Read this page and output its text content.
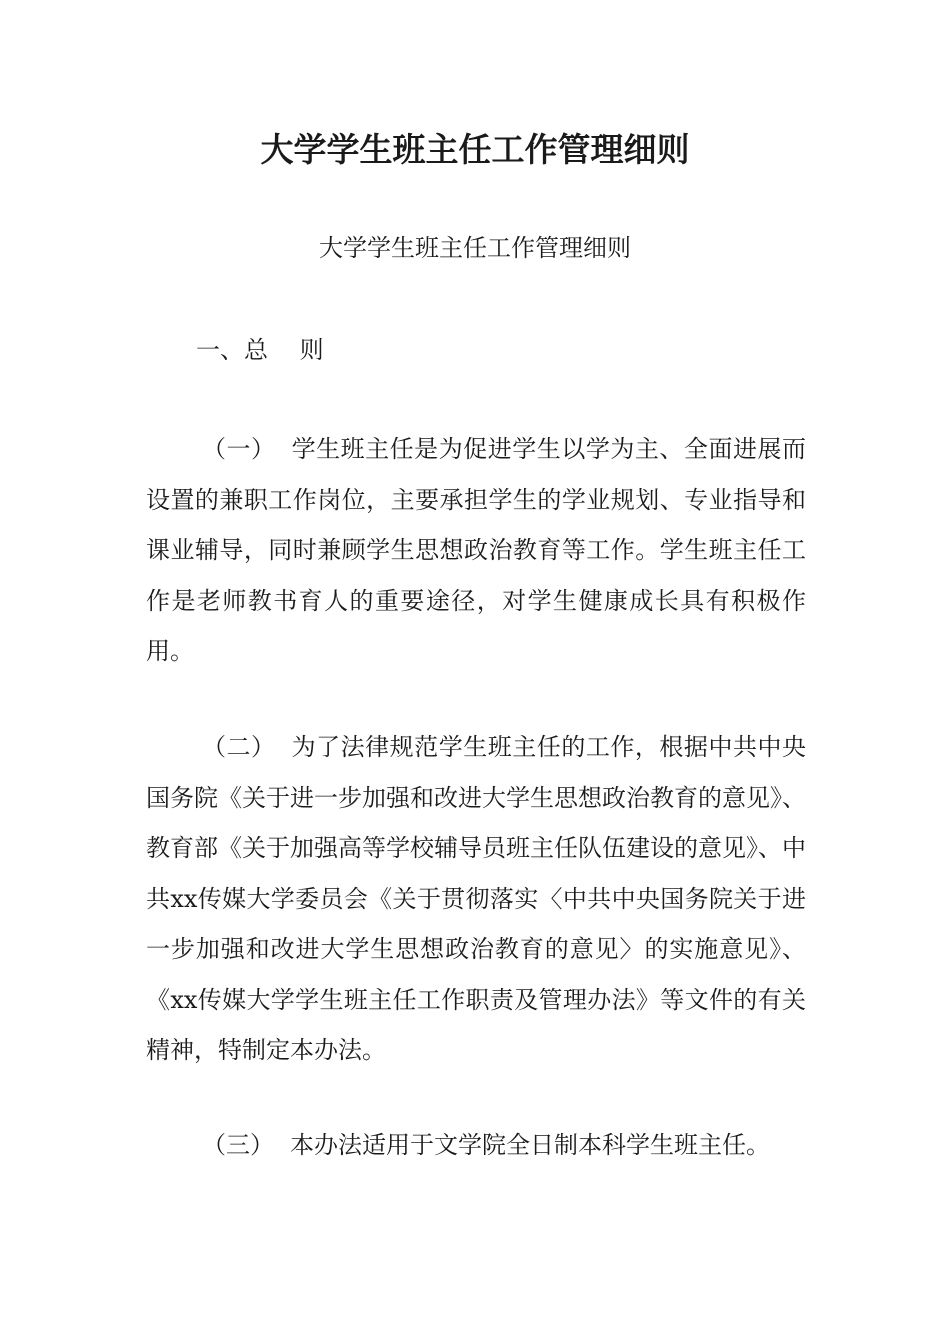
大学学生班主任工作管理细则

大学学生班主任工作管理细则

一、总　 则

（一） 学生班主任是为促进学生以学为主、全面进展而设置的兼职工作岗位，主要承担学生的学业规划、专业指导和课业辅导，同时兼顾学生思想政治教育等工作。学生班主任工作是老师教书育人的重要途径，对学生健康成长具有积极作用。

（二） 为了法律规范学生班主任的工作，根据中共中央国务院《关于进一步加强和改进大学生思想政治教育的意见》、教育部《关于加强高等学校辅导员班主任队伍建设的意见》、中共xx传媒大学委员会《关于贯彻落实〈中共中央国务院关于进一步加强和改进大学生思想政治教育的意见〉的实施意见》、《xx传媒大学学生班主任工作职责及管理办法》等文件的有关精神，特制定本办法。

（三） 本办法适用于文学院全日制本科学生班主任。
